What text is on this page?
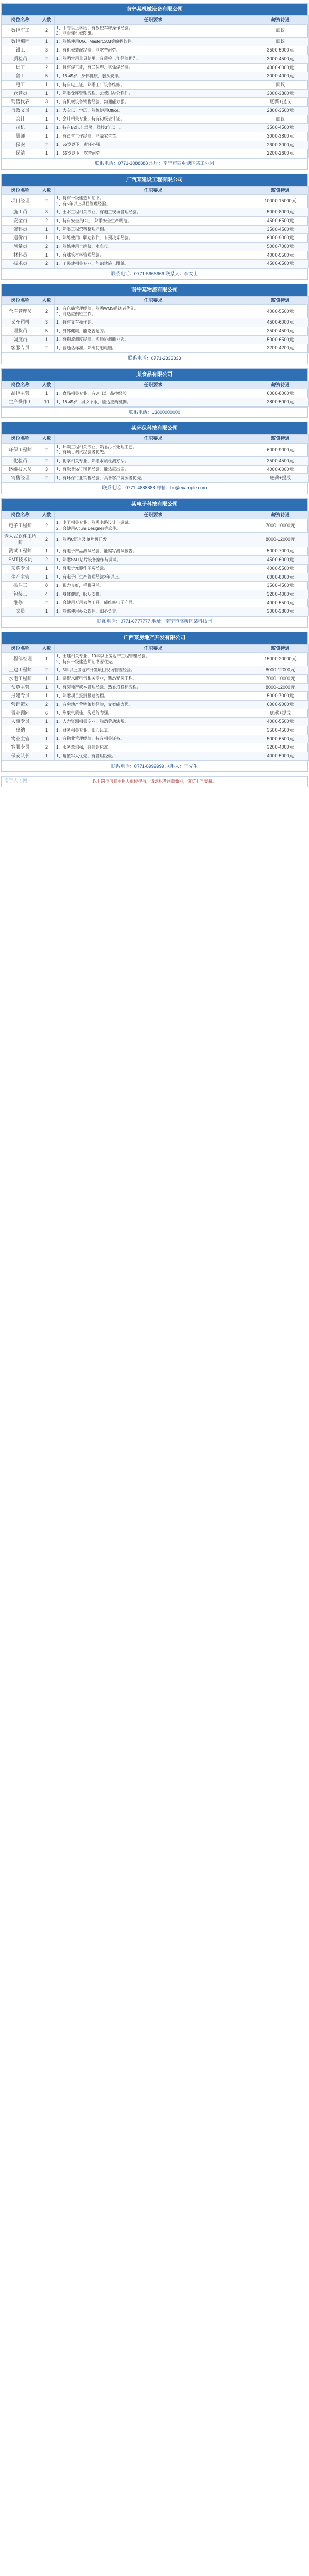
南宁某机械设备有限公司
岗位名称	人数	任职要求	薪资待遇
数控车工	2	1、中专以上学历，有数控车床操作经验。
2、能看懂机械图纸。	面议
数控编程	1	1、熟练使用UG、MasterCAM等编程软件。	面议
钳工	3	1、有机械装配经验，能吃苦耐劳。	3500-5000元
质检员	2	1、熟悉常用量具使用，有质检工作经验优先。	3000-4500元
焊工	2	1、持有焊工证，有二保焊、氩弧焊经验。	4000-6000元
普工	5	1、18-45岁，身体健康，服从安排。	3000-4000元
电工	1	1、持有电工证，熟悉工厂设备维修。	面议
仓管员	1	1、熟悉仓库管理流程，会使用办公软件。	3000-3800元
销售代表	3	1、有机械设备销售经验，沟通能力强。	底薪+提成
行政文员	1	1、大专以上学历，熟练使用Office。	2800-3500元
会计	1	1、会计相关专业，持有初级会计证。	面议
司机	1	1、持有B2以上驾照，驾龄3年以上。	3500-4500元
厨师	1	1、有食堂工作经验，能做家常菜。	3000-3800元
保安	2	1、55岁以下，责任心强。	2600-3000元
保洁	1	1、55岁以下，吃苦耐劳。	2200-2600元
联系电话：0771-3888888 地址：南宁市西乡塘区某工业园
广西某建设工程有限公司
岗位名称	人数	任职要求	薪资待遇
项目经理	2	1、持有一级建造师证书。
2、有5年以上项目管理经验。	10000-15000元
施工员	3	1、土木工程相关专业，有施工现场管理经验。	5000-8000元
安全员	2	1、持有安全员C证，熟悉安全生产规范。	4500-6500元
资料员	1	1、熟悉工程资料整理归档。	3500-4500元
造价员	1	1、熟练使用广联达软件，有预决算经验。	6000-9000元
测量员	2	1、熟练使用全站仪、水准仪。	5000-7000元
材料员	1	1、有建筑材料管理经验。	4000-5500元
技术员	2	1、工民建相关专业，能识读施工图纸。	4500-6500元
联系电话：0771-5666666 联系人：李女士
南宁某物流有限公司
岗位名称	人数	任职要求	薪资待遇
仓库管理员	2	1、有仓储管理经验，熟悉WMS系统者优先。
2、能适应倒班工作。	4000-5500元
叉车司机	3	1、持有叉车操作证。	4500-6000元
理货员	5	1、身体健康，能吃苦耐劳。	3500-4500元
调度员	1	1、有物流调度经验，沟通协调能力强。	5000-6500元
客服专员	2	1、普通话标准，熟练使用电脑。	3200-4200元
联系电话：0771-2333333
某食品有限公司
岗位名称	人数	任职要求	薪资待遇
品控主管	1	1、食品相关专业，有3年以上品控经验。	6000-8000元
生产操作工	10	1、18-45岁，男女不限，能适应两班倒。	3800-5000元
联系电话：13800000000
某环保科技有限公司
岗位名称	人数	任职要求	薪资待遇
环保工程师	2	1、环境工程相关专业，熟悉污水处理工艺。
2、有项目调试经验者优先。	6000-9000元
化验员	2	1、化学相关专业，熟悉水质检测方法。	3500-4500元
运维技术员	3	1、有设备运行维护经验，能适应出差。	4000-6000元
销售经理	2	1、有环保行业销售经验，具备客户资源者优先。	底薪+提成
联系电话：0771-4888888 邮箱：hr@example.com
某电子科技有限公司
岗位名称	人数	任职要求	薪资待遇
电子工程师	2	1、电子相关专业，熟悉电路设计与调试。
2、会使用Altium Designer等软件。	7000-10000元
嵌入式软件工程师	2	1、熟悉C语言及单片机开发。	8000-12000元
测试工程师	1	1、有电子产品测试经验，能编写测试报告。	5000-7000元
SMT技术员	2	1、熟悉SMT贴片设备操作与调试。	4500-6000元
采购专员	1	1、有电子元器件采购经验。	4000-5500元
生产主管	1	1、有电子厂生产管理经验3年以上。	6000-8000元
插件工	8	1、视力良好，手脚灵活。	3500-4500元
包装工	4	1、身体健康，服从安排。	3200-4000元
维修工	2	1、会使用万用表等工具，能维修电子产品。	4000-5500元
文员	1	1、熟练使用办公软件，细心负责。	3000-3800元
联系电话：0771-6777777 地址：南宁市高新区某科技园
广西某房地产开发有限公司
岗位名称	人数	任职要求	薪资待遇
工程部经理	1	1、土建相关专业，10年以上房地产工程管理经验。
2、持有一级建造师证书者优先。	15000-20000元
土建工程师	2	1、5年以上房地产开发项目现场管理经验。	8000-12000元
水电工程师	1	1、给排水或电气相关专业，熟悉安装工程。	7000-10000元
预算主管	1	1、有房地产成本管理经验，熟悉招投标流程。	8000-12000元
报建专员	1	1、熟悉项目报批报建流程。	5000-7000元
营销策划	2	1、有房地产营销策划经验，文案能力强。	6000-9000元
置业顾问	6	1、形象气质佳，沟通能力强。	底薪+提成
人事专员	1	1、人力资源相关专业，熟悉劳动法规。	4000-5500元
出纳	1	1、财务相关专业，细心认真。	3500-4500元
物业主管	1	1、有物业管理经验，持有相关证书。	5000-6500元
客服专员	2	1、服务意识强，普通话标准。	3200-4000元
保安队长	1	1、退伍军人优先，有管理经验。	4000-5000元
联系电话：0771-8999999 联系人：王先生
以上岗位信息由用人单位提供，请求职者注意甄别，谨防上当受骗。
南宁人才网
